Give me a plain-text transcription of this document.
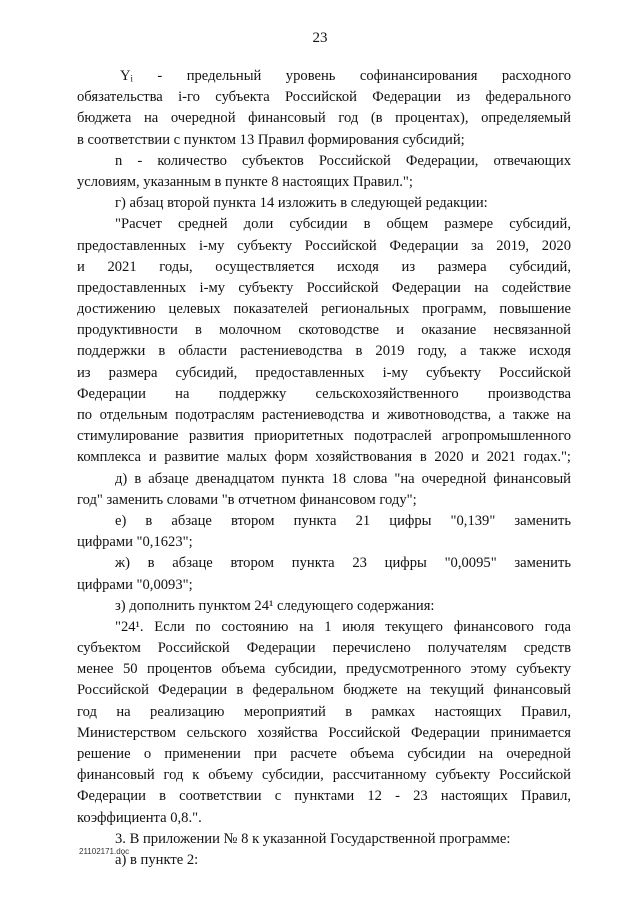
23
Yᵢ - предельный уровень софинансирования расходного
обязательства i-го субъекта Российской Федерации из федерального
бюджета на очередной финансовый год (в процентах), определяемый
в соответствии с пунктом 13 Правил формирования субсидий;
n - количество субъектов Российской Федерации, отвечающих
условиям, указанным в пункте 8 настоящих Правил.";
г) абзац второй пункта 14 изложить в следующей редакции:
"Расчет средней доли субсидии в общем размере субсидий,
предоставленных i-му субъекту Российской Федерации за 2019, 2020
и 2021 годы, осуществляется исходя из размера субсидий,
предоставленных i-му субъекту Российской Федерации на содействие
достижению целевых показателей региональных программ, повышение
продуктивности в молочном скотоводстве и оказание несвязанной
поддержки в области растениеводства в 2019 году, а также исходя
из размера субсидий, предоставленных i-му субъекту Российской
Федерации на поддержку сельскохозяйственного производства
по отдельным подотраслям растениеводства и животноводства, а также на
стимулирование развития приоритетных подотраслей агропромышленного
комплекса и развитие малых форм хозяйствования в 2020 и 2021 годах.";
д) в абзаце двенадцатом пункта 18 слова "на очередной финансовый
год" заменить словами "в отчетном финансовом году";
е) в абзаце втором пункта 21 цифры "0,139" заменить
цифрами "0,1623";
ж) в абзаце втором пункта 23 цифры "0,0095" заменить
цифрами "0,0093";
з) дополнить пунктом 24¹ следующего содержания:
"24¹. Если по состоянию на 1 июля текущего финансового года
субъектом Российской Федерации перечислено получателям средств
менее 50 процентов объема субсидии, предусмотренного этому субъекту
Российской Федерации в федеральном бюджете на текущий финансовый
год на реализацию мероприятий в рамках настоящих Правил,
Министерством сельского хозяйства Российской Федерации принимается
решение о применении при расчете объема субсидии на очередной
финансовый год к объему субсидии, рассчитанному субъекту Российской
Федерации в соответствии с пунктами 12 - 23 настоящих Правил,
коэффициента 0,8.".
3. В приложении № 8 к указанной Государственной программе:
а) в пункте 2:
21102171.doc
